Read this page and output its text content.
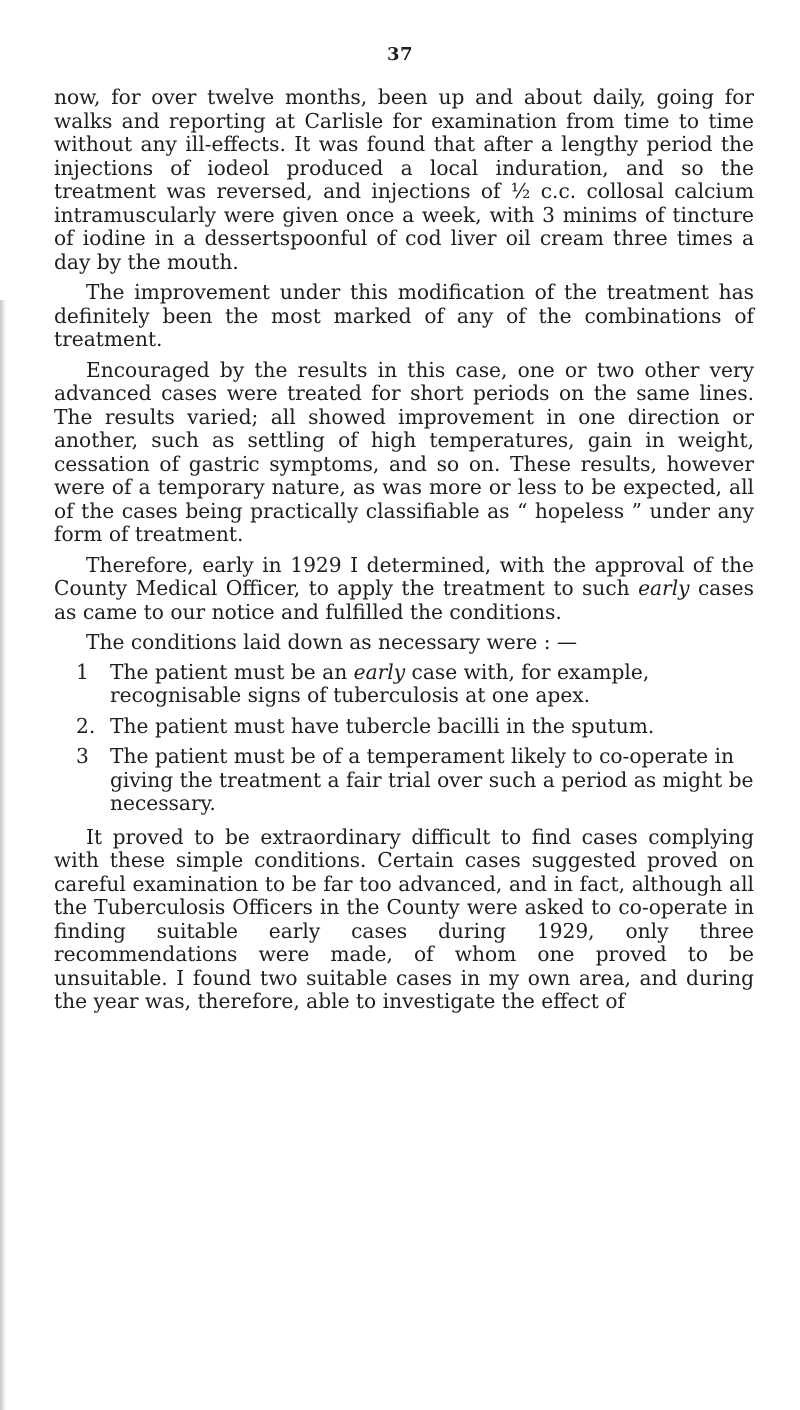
37

now, for over twelve months, been up and about daily, going for walks and reporting at Carlisle for examination from time to time without any ill-effects. It was found that after a lengthy period the injections of iodeol produced a local induration, and so the treatment was reversed, and injections of ½ c.c. collosal calcium intramuscularly were given once a week, with 3 minims of tincture of iodine in a dessertspoonful of cod liver oil cream three times a day by the mouth.

The improvement under this modification of the treatment has definitely been the most marked of any of the combinations of treatment.

Encouraged by the results in this case, one or two other very advanced cases were treated for short periods on the same lines. The results varied; all showed improvement in one direction or another, such as settling of high temperatures, gain in weight, cessation of gastric symptoms, and so on. These results, however were of a temporary nature, as was more or less to be expected, all of the cases being practically classifiable as “ hopeless ” under any form of treatment.

Therefore, early in 1929 I determined, with the approval of the County Medical Officer, to apply the treatment to such early cases as came to our notice and fulfilled the conditions.

The conditions laid down as necessary were : —

1 The patient must be an early case with, for example, recognisable signs of tuberculosis at one apex.
2. The patient must have tubercle bacilli in the sputum.
3 The patient must be of a temperament likely to co-operate in giving the treatment a fair trial over such a period as might be necessary.

It proved to be extraordinary difficult to find cases complying with these simple conditions. Certain cases suggested proved on careful examination to be far too advanced, and in fact, although all the Tuberculosis Officers in the County were asked to co-operate in finding suitable early cases during 1929, only three recommendations were made, of whom one proved to be unsuitable. I found two suitable cases in my own area, and during the year was, therefore, able to investigate the effect of
